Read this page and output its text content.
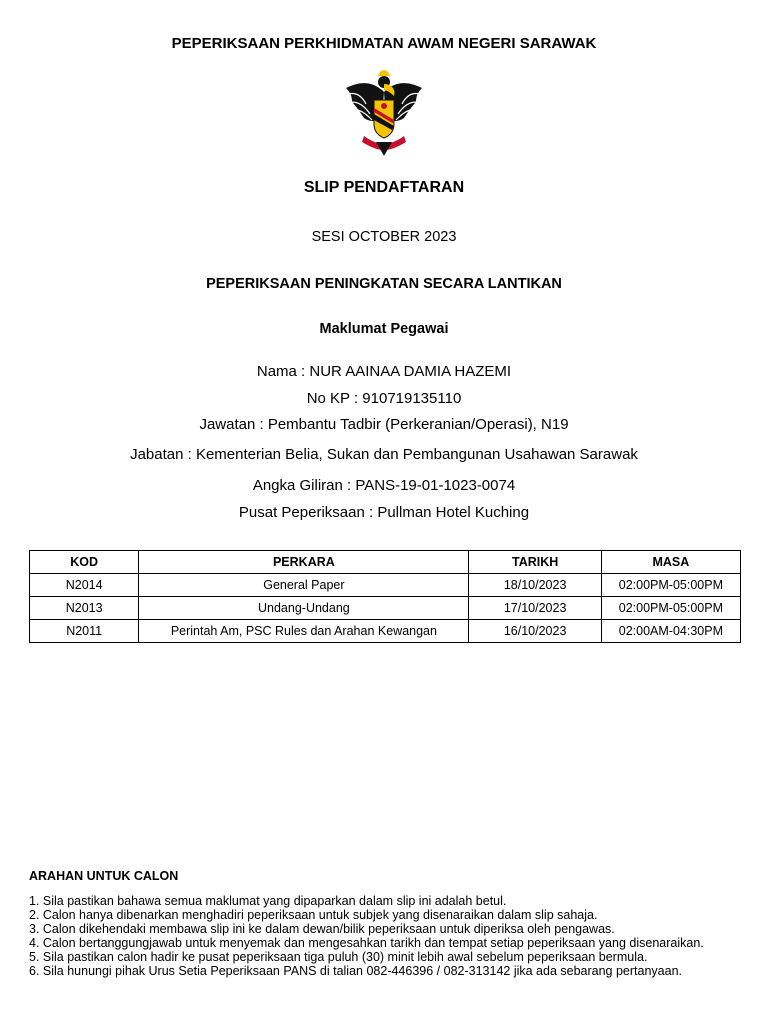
PEPERIKSAAN PERKHIDMATAN AWAM NEGERI SARAWAK
SLIP PENDAFTARAN
SESI OCTOBER 2023
PEPERIKSAAN PENINGKATAN SECARA LANTIKAN
Maklumat Pegawai
Nama : NUR AAINAA DAMIA HAZEMI
No KP : 910719135110
Jawatan : Pembantu Tadbir (Perkeranian/Operasi), N19
Jabatan : Kementerian Belia, Sukan dan Pembangunan Usahawan Sarawak
Angka Giliran : PANS-19-01-1023-0074
Pusat Peperiksaan : Pullman Hotel Kuching
KOD	PERKARA	TARIKH	MASA
N2014	General Paper	18/10/2023	02:00PM-05:00PM
N2013	Undang-Undang	17/10/2023	02:00PM-05:00PM
N2011	Perintah Am, PSC Rules dan Arahan Kewangan	16/10/2023	02:00AM-04:30PM
ARAHAN UNTUK CALON
1. Sila pastikan bahawa semua maklumat yang dipaparkan dalam slip ini adalah betul.
2. Calon hanya dibenarkan menghadiri peperiksaan untuk subjek yang disenaraikan dalam slip sahaja.
3. Calon dikehendaki membawa slip ini ke dalam dewan/bilik peperiksaan untuk diperiksa oleh pengawas.
4. Calon bertanggungjawab untuk menyemak dan mengesahkan tarikh dan tempat setiap peperiksaan yang disenaraikan.
5. Sila pastikan calon hadir ke pusat peperiksaan tiga puluh (30) minit lebih awal sebelum peperiksaan bermula.
6. Sila hunungi pihak Urus Setia Peperiksaan PANS di talian 082-446396 / 082-313142 jika ada sebarang pertanyaan.
